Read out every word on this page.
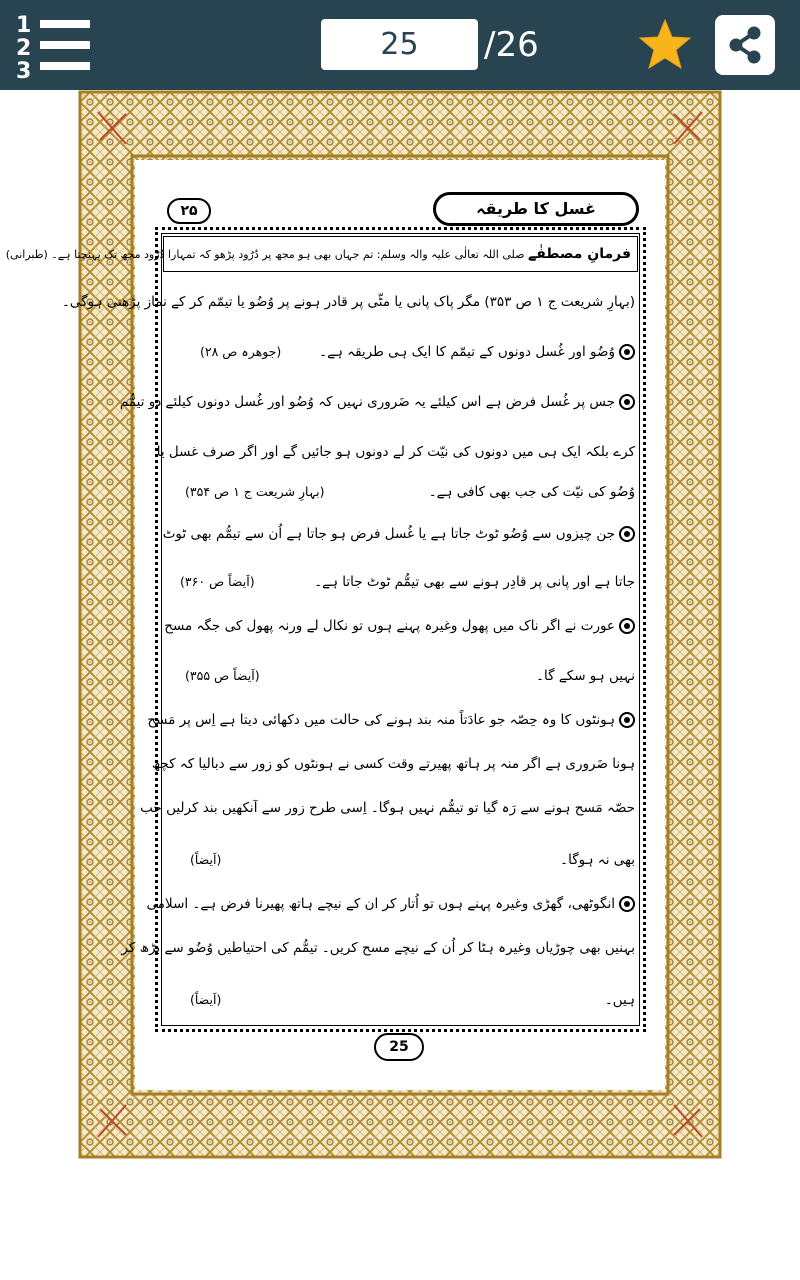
1
2
3
25
/26
غسل کا طریقہ
۲۵
فرمانِ مصطفٰے صلی اللہ تعالٰی علیہ والہ وسلم: تم جہاں بھی ہو مجھ پر دُرُود پڑھو کہ تمہارا دُرُود مجھ تک پہنچتا ہے۔ (طبرانی)
(بہارِ شریعت ج ۱ ص ۳۵۳) مگر پاک پانی یا مٹّی پر قادر ہونے پر وُضُو یا تیمّم کر کے نماز پڑھنی ہوگی۔
وُضُو اور غُسل دونوں کے تیمّم کا ایک ہی طریقہ ہے۔
جس پر غُسل فرض ہے اس کیلئے یہ ضَروری نہیں کہ وُضُو اور غُسل دونوں کیلئے دو تیمُّم
کرے بلکہ ایک ہی میں دونوں کی نیّت کر لے دونوں ہو جائیں گے اور اگر صرف غسل یا
وُضُو کی نیّت کی جب بھی کافی ہے۔
جن چیزوں سے وُضُو ٹوٹ جاتا ہے یا غُسل فرض ہو جاتا ہے اُن سے تیمُّم بھی ٹوٹ
جاتا ہے اور پانی پر قادِر ہونے سے بھی تیمُّم ٹوٹ جاتا ہے۔
عورت نے اگر ناک میں پھول وغیرہ پہنے ہوں تو نکال لے ورنہ پھول کی جگہ مسح
نہیں ہو سکے گا۔
ہونٹوں کا وہ حِصّہ جو عادَتاً منہ بند ہونے کی حالت میں دکھائی دیتا ہے اِس پر مَسح
ہونا ضَروری ہے اگر منہ پر ہاتھ پھیرتے وقت کسی نے ہونٹوں کو زور سے دبالیا کہ کچھ
حصّہ مَسح ہونے سے رَہ گیا تو تیمُّم نہیں ہوگا۔ اِسی طرح زور سے آنکھیں بند کرلیں جب
بھی نہ ہوگا۔
انگوٹھی، گھڑی وغیرہ پہنے ہوں تو اُتار کر ان کے نیچے ہاتھ پھیرنا فرض ہے۔ اسلامی
بہنیں بھی چوڑیاں وغیرہ ہٹا کر اُن کے نیچے مسح کریں۔ تیمُّم کی احتیاطیں وُضُو سے بڑھ کر
ہیں۔
(جوھرہ ص ۲۸)
(بہارِ شریعت ج ۱ ص ۳۵۴)
(اَیضاً ص ۳۶۰)
(اَیضاً ص ۳۵۵)
(اَیضاً)
(اَیضاً)
25
